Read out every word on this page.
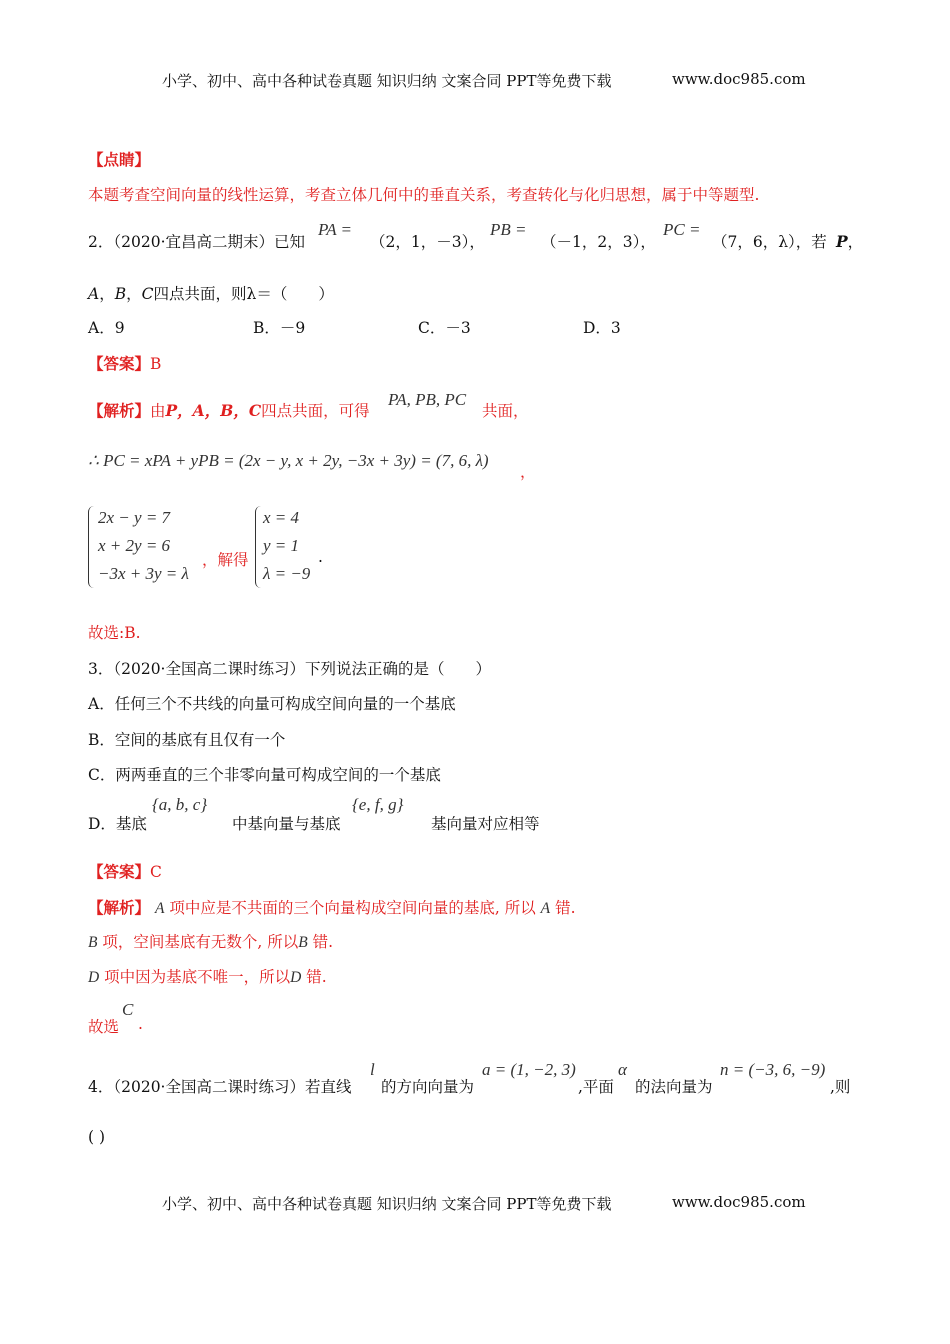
小学、初中、高中各种试卷真题 知识归纳 文案合同 PPT等免费下载	www.doc985.com
【点睛】
本题考查空间向量的线性运算，考查立体几何中的垂直关系，考查转化与化归思想，属于中等题型.
2．（2020·宜昌高二期末）已知
PA =
（2，1，－3），
PB =
（－1，2，3），
PC =
（7，6，λ），若 P，
A，B，C四点共面，则λ＝（　　）
A．9	B．－9	C．－3	D．3
【答案】B
【解析】由P，A，B，C四点共面，可得
PA, PB, PC
共面，
∴ PC = xPA + yPB = (2x − y, x + 2y, −3x + 3y) = (7, 6, λ)
，
2x − y = 7
x + 2y = 6
−3x + 3y = λ
，解得
x = 4
y = 1
λ = −9
.
故选:B.
3．（2020·全国高二课时练习）下列说法正确的是（　　）
A．任何三个不共线的向量可构成空间向量的一个基底
B．空间的基底有且仅有一个
C．两两垂直的三个非零向量可构成空间的一个基底
D．基底
{a, b, c}
中基向量与基底
{e, f, g}
基向量对应相等
【答案】C
【解析】 A 项中应是不共面的三个向量构成空间向量的基底, 所以 A 错.
B 项，空间基底有无数个, 所以B 错.
D 项中因为基底不唯一，所以D 错.
故选
C
.
4．（2020·全国高二课时练习）若直线
l
的方向向量为
a = (1, −2, 3)
,平面
α
的法向量为
n = (−3, 6, −9)
,则
( )
小学、初中、高中各种试卷真题 知识归纳 文案合同 PPT等免费下载	www.doc985.com
